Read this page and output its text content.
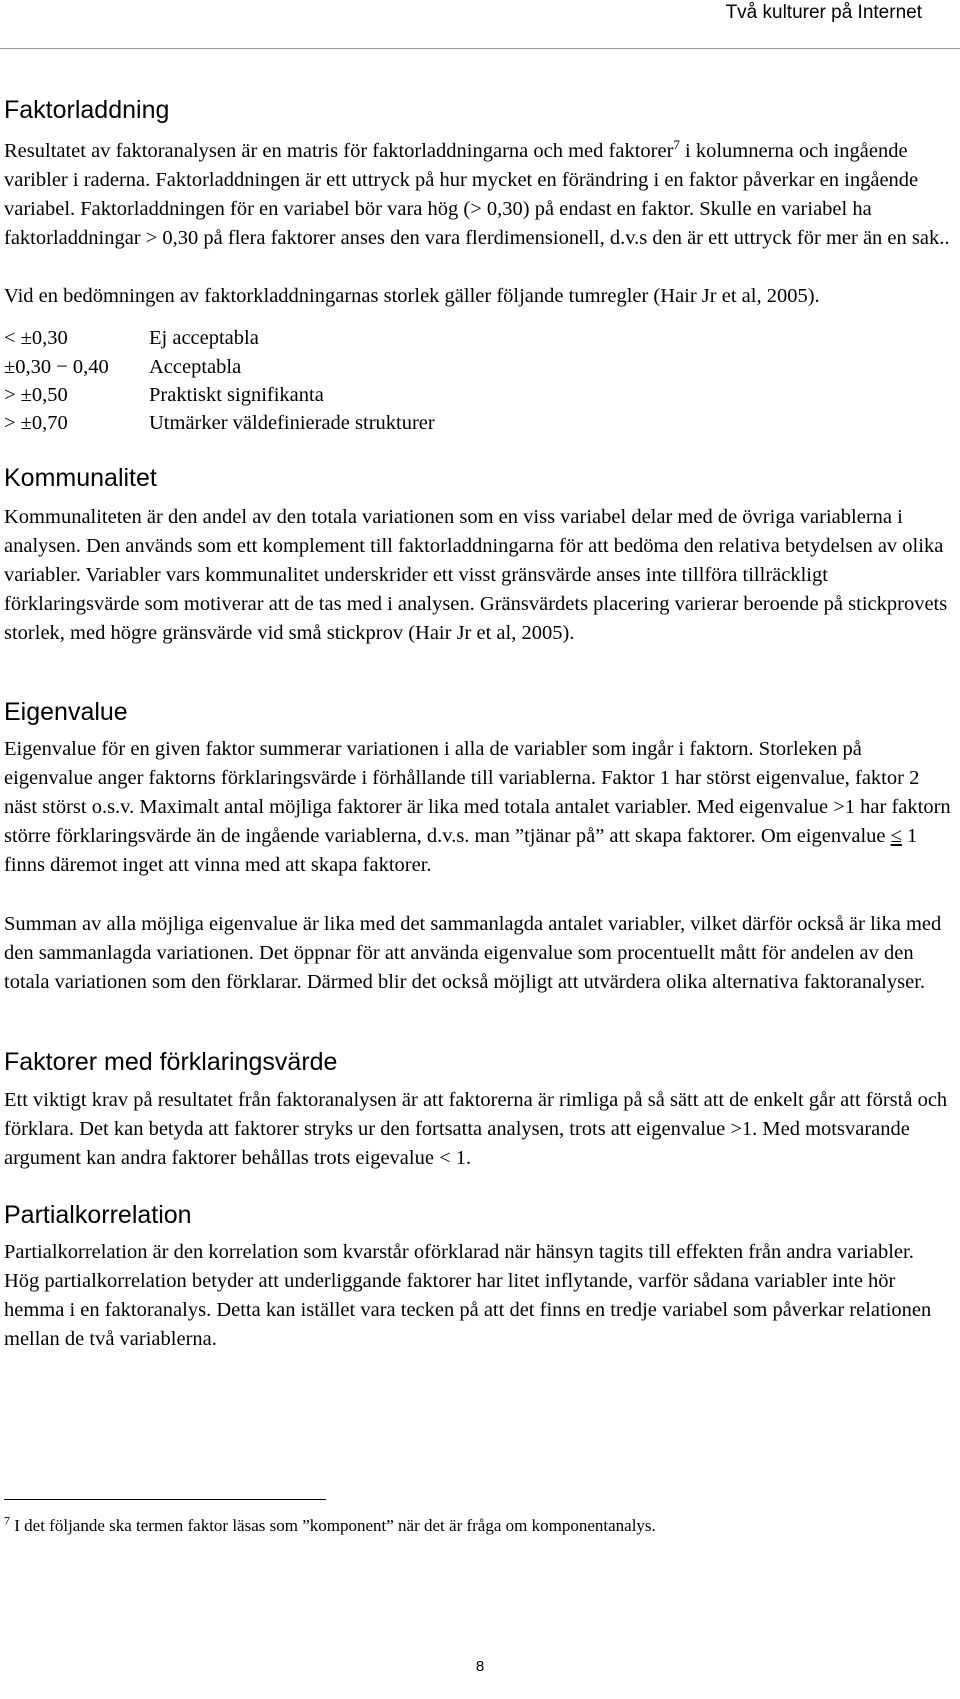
Två kulturer på Internet
Faktorladdning

Resultatet av faktoranalysen är en matris för faktorladdningarna och med faktorer$^7$ i kolumnerna och ingående varibler i raderna. Faktorladdningen är ett uttryck på hur mycket en förändring i en faktor påverkar en ingående variabel. Faktorladdningen för en variabel bör vara hög (> 0,30) på endast en faktor. Skulle en variabel ha faktorladdningar > 0,30 på flera faktorer anses den vara flerdimensionell, d.v.s den är ett uttryck för mer än en sak..

Vid en bedömningen av faktorkladdningarnas storlek gäller följande tumregler (Hair Jr et al, 2005).

< ±0,30	Ej acceptabla
±0,30 − 0,40 Acceptabla
> ±0,50	Praktiskt signifikanta
> ±0,70	Utmärker väldefinierade strukturer
Kommunalitet

Kommunaliteten är den andel av den totala variationen som en viss variabel delar med de övriga variablerna i analysen. Den används som ett komplement till faktorladdningarna för att bedöma den relativa betydelsen av olika variabler. Variabler vars kommunalitet underskrider ett visst gränsvärde anses inte tillföra tillräckligt förklaringsvärde som motiverar att de tas med i analysen. Gränsvärdets placering varierar beroende på stickprovets storlek, med högre gränsvärde vid små stickprov (Hair Jr et al, 2005).

Eigenvalue

Eigenvalue för en given faktor summerar variationen i alla de variabler som ingår i faktorn. Storleken på eigenvalue anger faktorns förklaringsvärde i förhållande till variablerna. Faktor 1 har störst eigenvalue, faktor 2 näst störst o.s.v. Maximalt antal möjliga faktorer är lika med totala antalet variabler. Med eigenvalue >1 har faktorn större förklaringsvärde än de ingående variablerna, d.v.s. man ”tjänar på” att skapa faktorer. Om eigenvalue ≤ 1 finns däremot inget att vinna med att skapa faktorer.

Summan av alla möjliga eigenvalue är lika med det sammanlagda antalet variabler, vilket därför också är lika med den sammanlagda variationen. Det öppnar för att använda eigenvalue som procentuellt mått för andelen av den totala variationen som den förklarar. Därmed blir det också möjligt att utvärdera olika alternativa faktoranalyser.

Faktorer med förklaringsvärde

Ett viktigt krav på resultatet från faktoranalysen är att faktorerna är rimliga på så sätt att de enkelt går att förstå och förklara. Det kan betyda att faktorer stryks ur den fortsatta analysen, trots att eigenvalue >1. Med motsvarande argument kan andra faktorer behållas trots eigevalue < 1.

Partialkorrelation

Partialkorrelation är den korrelation som kvarstår oförklarad när hänsyn tagits till effekten från andra variabler. Hög partialkorrelation betyder att underliggande faktorer har litet inflytande, varför sådana variabler inte hör hemma i en faktoranalys. Detta kan istället vara tecken på att det finns en tredje variabel som påverkar relationen mellan de två variablerna.

$^7$ I det följande ska termen faktor läsas som ”komponent” när det är fråga om komponentanalys.

8
